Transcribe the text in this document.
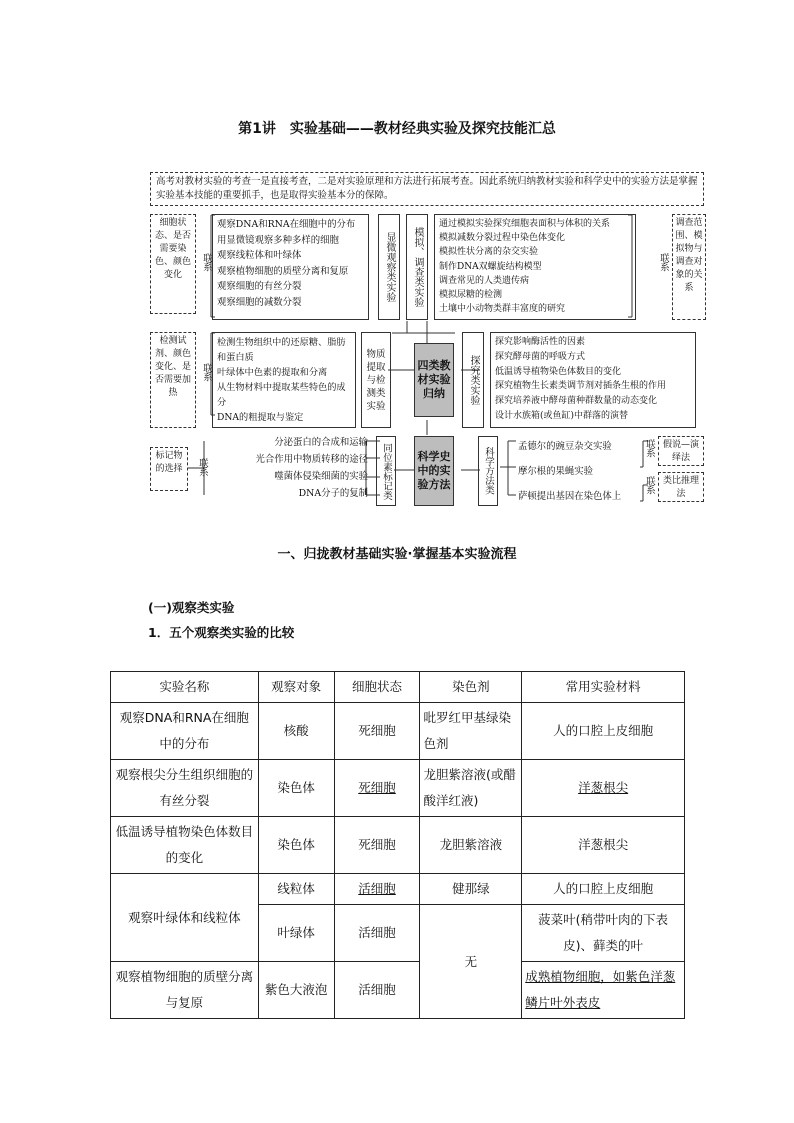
第1讲　实验基础——教材经典实验及探究技能汇总
高考对教材实验的考查一是直接考查，二是对实验原理和方法进行拓展考查。因此系统归纳教材实验和科学史中的实验方法是掌握实验基本技能的重要抓手，也是取得实验基本分的保障。
细胞状态、是否需要染色、颜色变化
联系
观察DNA和RNA在细胞中的分布
用显微镜观察多种多样的细胞
观察线粒体和叶绿体
观察植物细胞的质壁分离和复原
观察细胞的有丝分裂
观察细胞的减数分裂	显微观察类实验	模拟、调查类实验
通过模拟实验探究细胞表面积与体积的关系
模拟减数分裂过程中染色体变化
模拟性状分离的杂交实验
制作DNA双螺旋结构模型
调查常见的人类遗传病
模拟尿糖的检测
土壤中小动物类群丰富度的研究
联系
调查范围、模拟物与调查对象的关系
检测试剂、颜色变化、是否需要加热
联系
检测生物组织中的还原糖、脂肪和蛋白质
叶绿体中色素的提取和分离
从生物材料中提取某些特色的成分
DNA的粗提取与鉴定
物质提取与检测类实验
四类教材实验归纳	探究类实验
探究影响酶活性的因素
探究酵母菌的呼吸方式
低温诱导植物染色体数目的变化
探究植物生长素类调节剂对插条生根的作用
探究培养液中酵母菌种群数量的动态变化
设计水族箱(或鱼缸)中群落的演替
标记物的选择	联系
分泌蛋白的合成和运输
光合作用中物质转移的途径
噬菌体侵染细菌的实验
DNA分子的复制	同位素标记类	科学史中的实验方法	科学方法类
孟德尔的豌豆杂交实验
摩尔根的果蝇实验
萨顿提出基因在染色体上
联系
联系
假说—演绎法
类比推理法
一、归拢教材基础实验·掌握基本实验流程
(一)观察类实验
1．五个观察类实验的比较
实验名称	观察对象	细胞状态	染色剂	常用实验材料
观察DNA和RNA在细胞中的分布	核酸	死细胞	吡罗红甲基绿染色剂	人的口腔上皮细胞
观察根尖分生组织细胞的有丝分裂	染色体	死细胞	龙胆紫溶液(或醋酸洋红液)	洋葱根尖
低温诱导植物染色体数目的变化	染色体	死细胞	龙胆紫溶液	洋葱根尖
观察叶绿体和线粒体	线粒体	活细胞	健那绿	人的口腔上皮细胞
	叶绿体	活细胞	无	菠菜叶(稍带叶肉的下表皮)、藓类的叶
观察植物细胞的质壁分离与复原	紫色大液泡	活细胞		成熟植物细胞，如紫色洋葱鳞片叶外表皮
